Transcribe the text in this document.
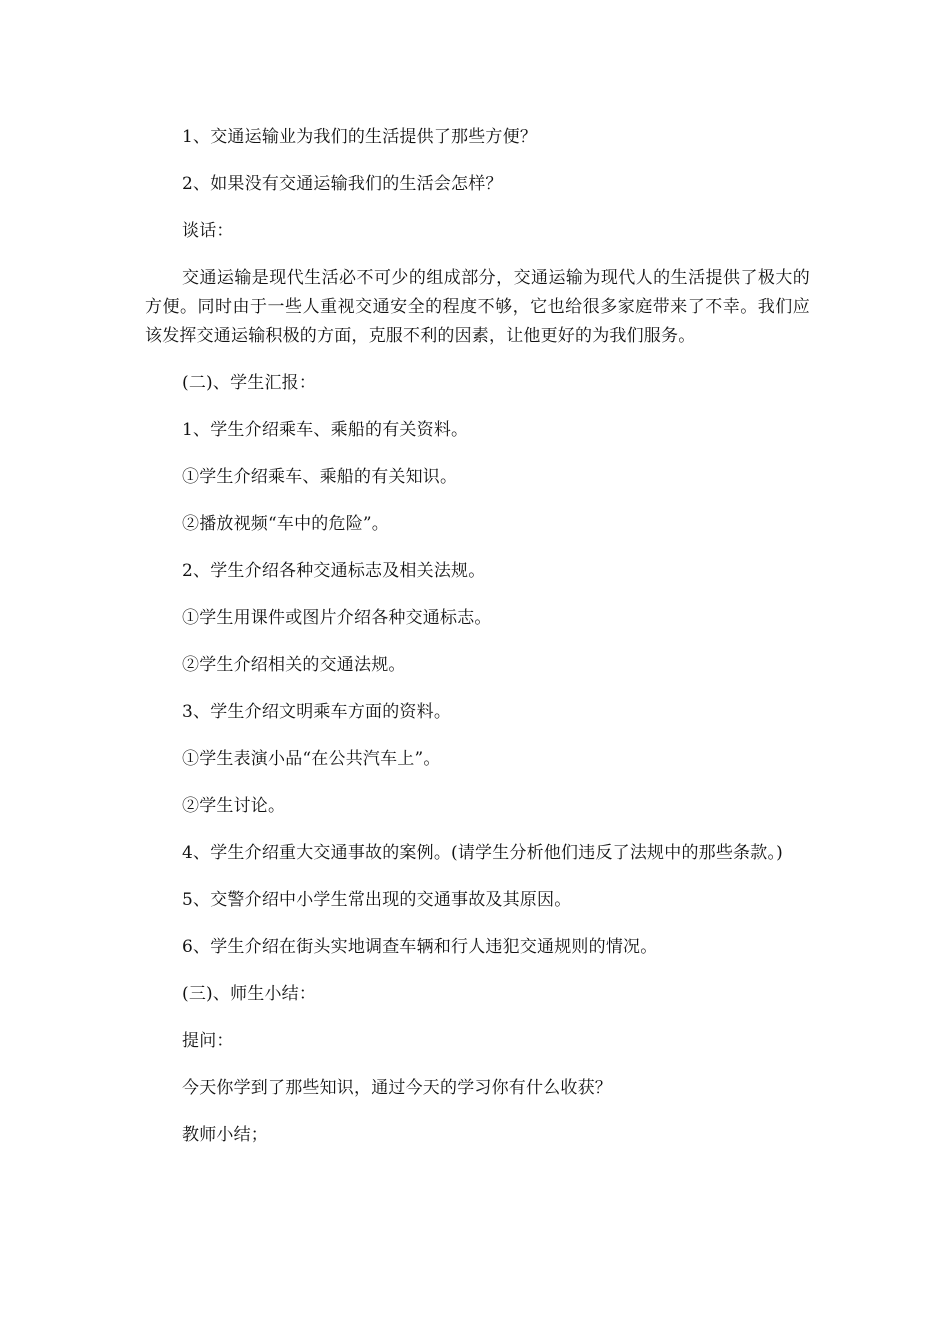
1、交通运输业为我们的生活提供了那些方便？

2、如果没有交通运输我们的生活会怎样？

谈话：

交通运输是现代生活必不可少的组成部分，交通运输为现代人的生活提供了极大的方便。同时由于一些人重视交通安全的程度不够，它也给很多家庭带来了不幸。我们应该发挥交通运输积极的方面，克服不利的因素，让他更好的为我们服务。

(二)、学生汇报：

1、学生介绍乘车、乘船的有关资料。

①学生介绍乘车、乘船的有关知识。

②播放视频“车中的危险”。

2、学生介绍各种交通标志及相关法规。

①学生用课件或图片介绍各种交通标志。

②学生介绍相关的交通法规。

3、学生介绍文明乘车方面的资料。

①学生表演小品“在公共汽车上”。

②学生讨论。

4、学生介绍重大交通事故的案例。(请学生分析他们违反了法规中的那些条款。)

5、交警介绍中小学生常出现的交通事故及其原因。

6、学生介绍在街头实地调查车辆和行人违犯交通规则的情况。

(三)、师生小结：

提问：

今天你学到了那些知识，通过今天的学习你有什么收获？

教师小结；
